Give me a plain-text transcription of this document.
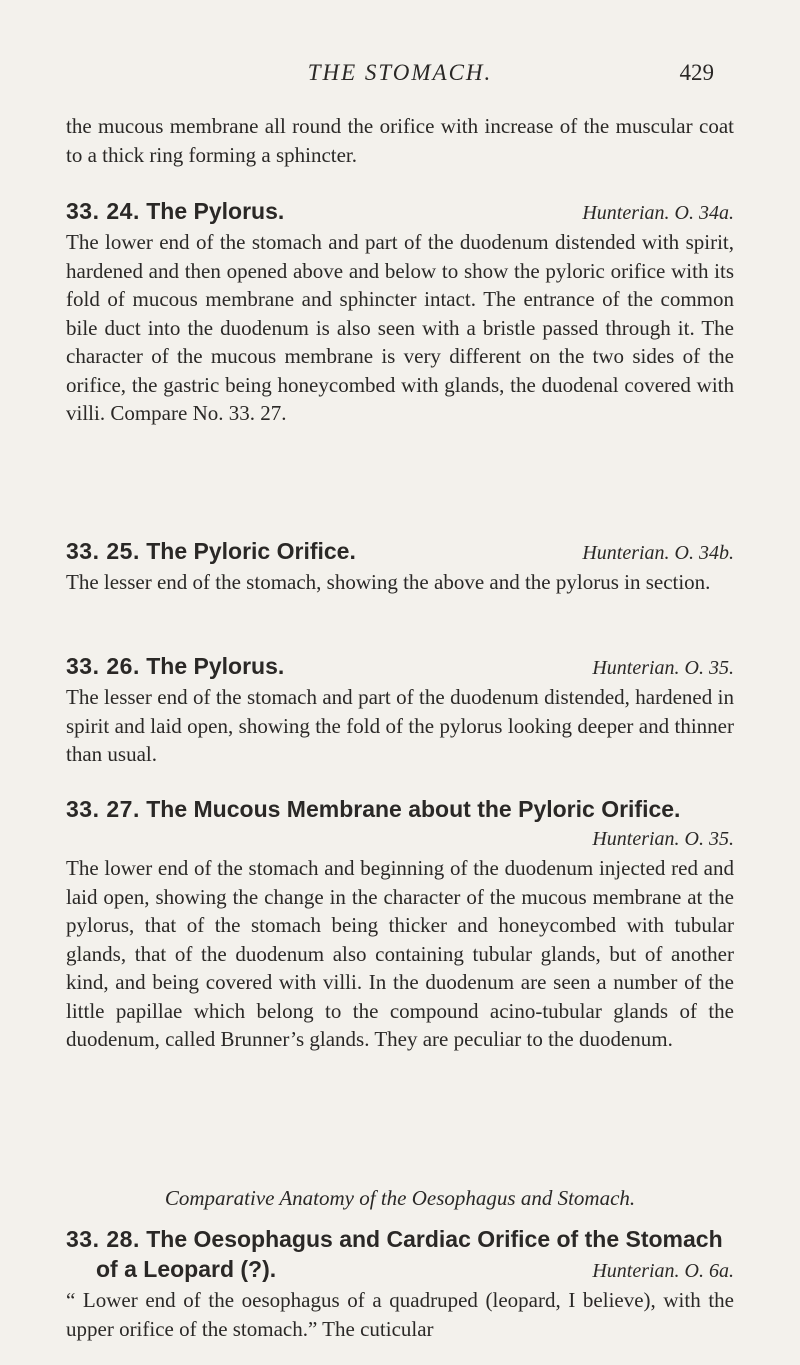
THE STOMACH.	429

the mucous membrane all round the orifice with increase of the muscular coat to a thick ring forming a sphincter.

33. 24. The Pylorus.	Hunterian. O. 34a.

The lower end of the stomach and part of the duodenum distended with spirit, hardened and then opened above and below to show the pyloric orifice with its fold of mucous membrane and sphincter intact. The entrance of the common bile duct into the duodenum is also seen with a bristle passed through it. The character of the mucous membrane is very different on the two sides of the orifice, the gastric being honeycombed with glands, the duodenal covered with villi. Compare No. 33. 27.

33. 25. The Pyloric Orifice.	Hunterian. O. 34b.

The lesser end of the stomach, showing the above and the pylorus in section.

33. 26. The Pylorus.	Hunterian. O. 35.

The lesser end of the stomach and part of the duodenum distended, hardened in spirit and laid open, showing the fold of the pylorus looking deeper and thinner than usual.

33. 27. The Mucous Membrane about the Pyloric Orifice.
Hunterian. O. 35.

The lower end of the stomach and beginning of the duodenum injected red and laid open, showing the change in the character of the mucous membrane at the pylorus, that of the stomach being thicker and honeycombed with tubular glands, that of the duodenum also containing tubular glands, but of another kind, and being covered with villi. In the duodenum are seen a number of the little papillae which belong to the compound acino-tubular glands of the duodenum, called Brunner’s glands. They are peculiar to the duodenum.

Comparative Anatomy of the Oesophagus and Stomach.

33. 28. The Oesophagus and Cardiac Orifice of the Stomach
of a Leopard (?).	Hunterian. O. 6a.

“ Lower end of the oesophagus of a quadruped (leopard, I believe), with the upper orifice of the stomach.” The cuticular
